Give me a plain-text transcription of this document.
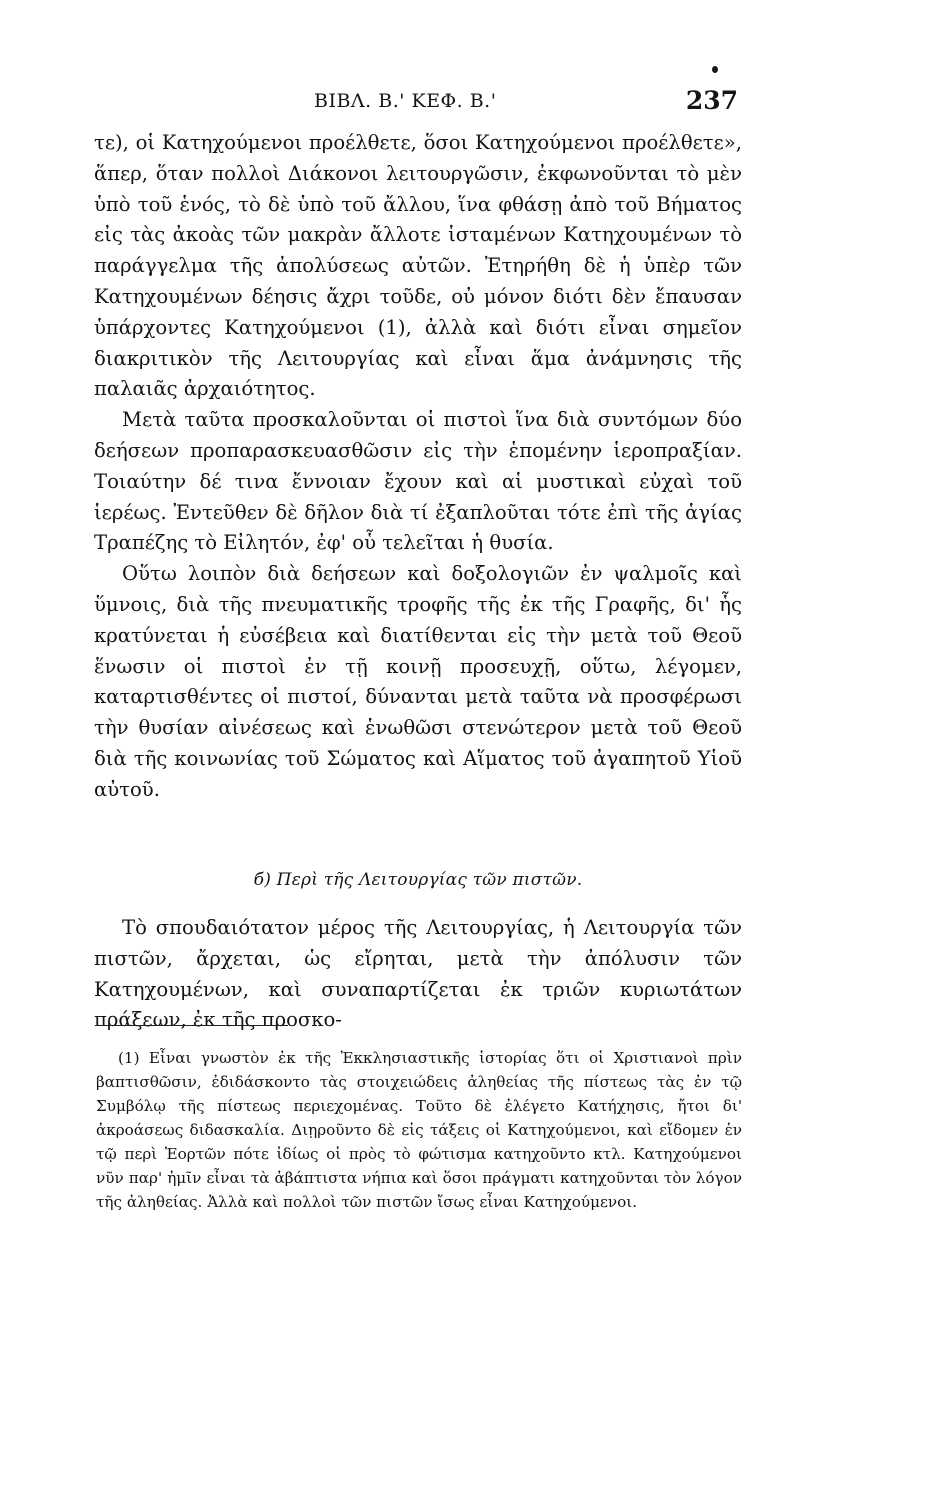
ΒΙΒΛ. Β.' ΚΕΦ. Β.'	237

τε), οἱ Κατηχούμενοι προέλθετε, ὅσοι Κατηχούμενοι προέλθετε», ἅπερ, ὅταν πολλοὶ Διάκονοι λειτουργῶσιν, ἐκφωνοῦνται τὸ μὲν ὑπὸ τοῦ ἑνός, τὸ δὲ ὑπὸ τοῦ ἄλλου, ἵνα φθάσῃ ἀπὸ τοῦ Βήματος εἰς τὰς ἀκοὰς τῶν μακρὰν ἄλλοτε ἱσταμένων Κατηχουμένων τὸ παράγγελμα τῆς ἀπολύσεως αὐτῶν. Ἐτηρήθη δὲ ἡ ὑπὲρ τῶν Κατηχουμένων δέησις ἄχρι τοῦδε, οὐ μόνον διότι δὲν ἔπαυσαν ὑπάρχοντες Κατηχούμενοι (1), ἀλλὰ καὶ διότι εἶναι σημεῖον διακριτικὸν τῆς Λειτουργίας καὶ εἶναι ἅμα ἀνάμνησις τῆς παλαιᾶς ἀρχαιότητος.

Μετὰ ταῦτα προσκαλοῦνται οἱ πιστοὶ ἵνα διὰ συντόμων δύο δεήσεων προπαρασκευασθῶσιν εἰς τὴν ἑπομένην ἱεροπραξίαν. Τοιαύτην δέ τινα ἔννοιαν ἔχουν καὶ αἱ μυστικαὶ εὐχαὶ τοῦ ἱερέως. Ἐντεῦθεν δὲ δῆλον διὰ τί ἐξαπλοῦται τότε ἐπὶ τῆς ἁγίας Τραπέζης τὸ Εἰλητόν, ἐφ' οὗ τελεῖται ἡ θυσία.

Οὕτω λοιπὸν διὰ δεήσεων καὶ δοξολογιῶν ἐν ψαλμοῖς καὶ ὕμνοις, διὰ τῆς πνευματικῆς τροφῆς τῆς ἐκ τῆς Γραφῆς, δι' ἧς κρατύνεται ἡ εὐσέβεια καὶ διατίθενται εἰς τὴν μετὰ τοῦ Θεοῦ ἕνωσιν οἱ πιστοὶ ἐν τῇ κοινῇ προσευχῇ, οὕτω, λέγομεν, καταρτισθέντες οἱ πιστοί, δύνανται μετὰ ταῦτα νὰ προσφέρωσι τὴν θυσίαν αἰνέσεως καὶ ἑνωθῶσι στενώτερον μετὰ τοῦ Θεοῦ διὰ τῆς κοινωνίας τοῦ Σώματος καὶ Αἵματος τοῦ ἀγαπητοῦ Υἱοῦ αὐτοῦ.

б) Περὶ τῆς Λειτουργίας τῶν πιστῶν.

Τὸ σπουδαιότατον μέρος τῆς Λειτουργίας, ἡ Λειτουργία τῶν πιστῶν, ἄρχεται, ὡς εἴρηται, μετὰ τὴν ἀπόλυσιν τῶν Κατηχουμένων, καὶ συναπαρτίζεται ἐκ τριῶν κυριωτάτων πράξεων, ἐκ τῆς προσκο-

(1) Εἶναι γνωστὸν ἐκ τῆς Ἐκκλησιαστικῆς ἱστορίας ὅτι οἱ Χριστιανοὶ πρὶν βαπτισθῶσιν, ἐδιδάσκοντο τὰς στοιχειώδεις ἀληθείας τῆς πίστεως τὰς ἐν τῷ Συμβόλῳ τῆς πίστεως περιεχομένας. Τοῦτο δὲ ἐλέγετο Κατήχησις, ἤτοι δι' ἀκροάσεως διδασκαλία. Διῃροῦντο δὲ εἰς τάξεις οἱ Κατηχούμενοι, καὶ εἴδομεν ἐν τῷ περὶ Ἑορτῶν πότε ἰδίως οἱ πρὸς τὸ φώτισμα κατηχοῦντο κτλ. Κατηχούμενοι νῦν παρ' ἡμῖν εἶναι τὰ ἀβάπτιστα νήπια καὶ ὅσοι πράγματι κατηχοῦνται τὸν λόγον τῆς ἀληθείας. Ἀλλὰ καὶ πολλοὶ τῶν πιστῶν ἴσως εἶναι Κατηχούμενοι.
